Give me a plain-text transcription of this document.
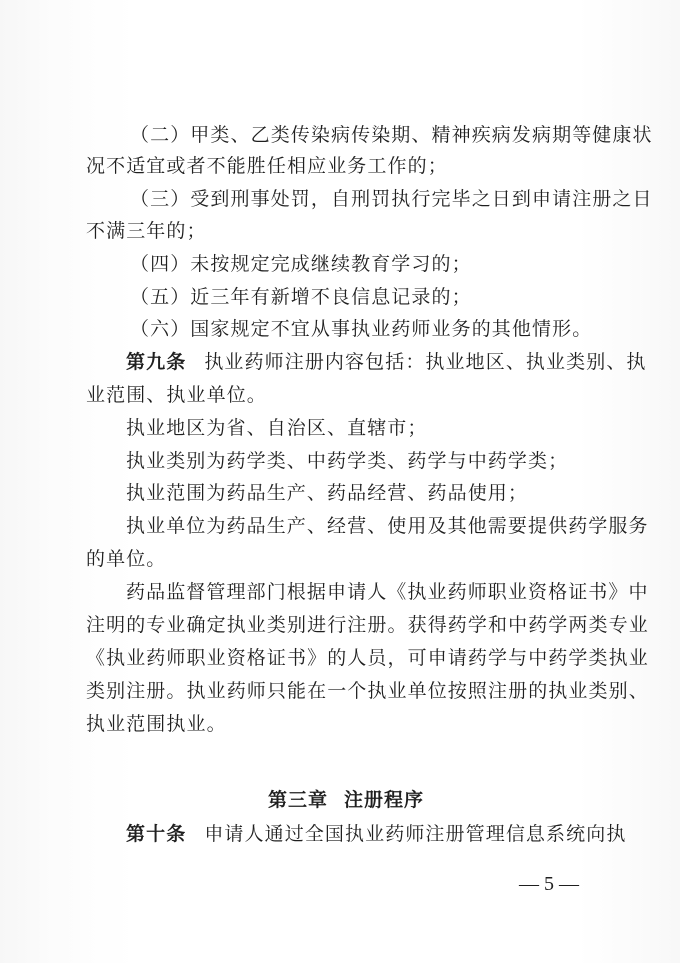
（二）甲类、乙类传染病传染期、精神疾病发病期等健康状
况不适宜或者不能胜任相应业务工作的；
（三）受到刑事处罚，自刑罚执行完毕之日到申请注册之日
不满三年的；
（四）未按规定完成继续教育学习的；
（五）近三年有新增不良信息记录的；
（六）国家规定不宜从事执业药师业务的其他情形。
第九条 执业药师注册内容包括：执业地区、执业类别、执
业范围、执业单位。
执业地区为省、自治区、直辖市；
执业类别为药学类、中药学类、药学与中药学类；
执业范围为药品生产、药品经营、药品使用；
执业单位为药品生产、经营、使用及其他需要提供药学服务
的单位。
药品监督管理部门根据申请人《执业药师职业资格证书》中
注明的专业确定执业类别进行注册。获得药学和中药学两类专业
《执业药师职业资格证书》的人员，可申请药学与中药学类执业
类别注册。执业药师只能在一个执业单位按照注册的执业类别、
执业范围执业。
第三章 注册程序
第十条 申请人通过全国执业药师注册管理信息系统向执
— 5 —
